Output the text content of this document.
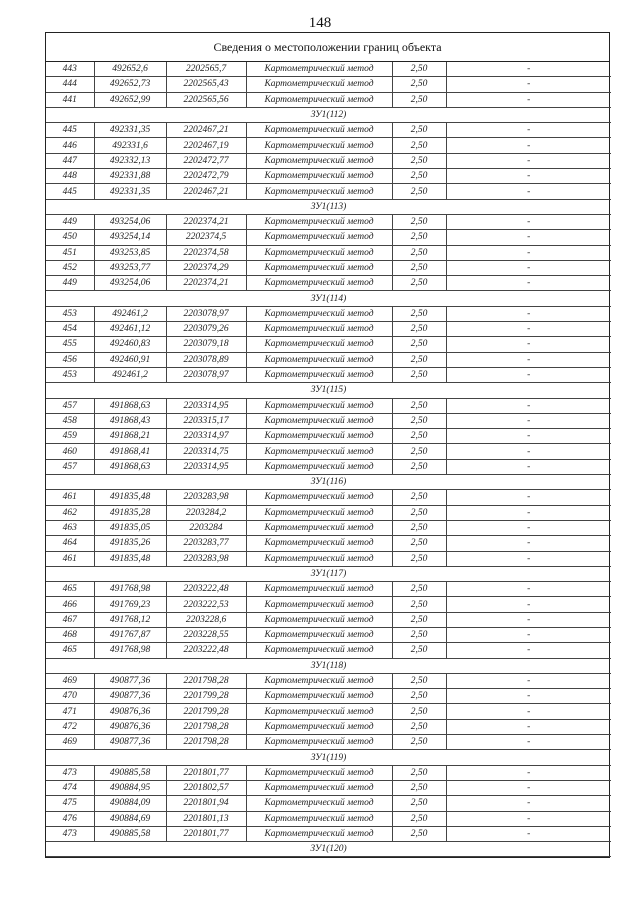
148
Сведения о местоположении границ объекта
443	492652,6	2202565,7	Картометрический метод	2,50	-
444	492652,73	2202565,43	Картометрический метод	2,50	-
441	492652,99	2202565,56	Картометрический метод	2,50	-
ЗУ1(112)					
445	492331,35	2202467,21	Картометрический метод	2,50	-
446	492331,6	2202467,19	Картометрический метод	2,50	-
447	492332,13	2202472,77	Картометрический метод	2,50	-
448	492331,88	2202472,79	Картометрический метод	2,50	-
445	492331,35	2202467,21	Картометрический метод	2,50	-
ЗУ1(113)					
449	493254,06	2202374,21	Картометрический метод	2,50	-
450	493254,14	2202374,5	Картометрический метод	2,50	-
451	493253,85	2202374,58	Картометрический метод	2,50	-
452	493253,77	2202374,29	Картометрический метод	2,50	-
449	493254,06	2202374,21	Картометрический метод	2,50	-
ЗУ1(114)					
453	492461,2	2203078,97	Картометрический метод	2,50	-
454	492461,12	2203079,26	Картометрический метод	2,50	-
455	492460,83	2203079,18	Картометрический метод	2,50	-
456	492460,91	2203078,89	Картометрический метод	2,50	-
453	492461,2	2203078,97	Картометрический метод	2,50	-
ЗУ1(115)					
457	491868,63	2203314,95	Картометрический метод	2,50	-
458	491868,43	2203315,17	Картометрический метод	2,50	-
459	491868,21	2203314,97	Картометрический метод	2,50	-
460	491868,41	2203314,75	Картометрический метод	2,50	-
457	491868,63	2203314,95	Картометрический метод	2,50	-
ЗУ1(116)					
461	491835,48	2203283,98	Картометрический метод	2,50	-
462	491835,28	2203284,2	Картометрический метод	2,50	-
463	491835,05	2203284	Картометрический метод	2,50	-
464	491835,26	2203283,77	Картометрический метод	2,50	-
461	491835,48	2203283,98	Картометрический метод	2,50	-
ЗУ1(117)					
465	491768,98	2203222,48	Картометрический метод	2,50	-
466	491769,23	2203222,53	Картометрический метод	2,50	-
467	491768,12	2203228,6	Картометрический метод	2,50	-
468	491767,87	2203228,55	Картометрический метод	2,50	-
465	491768,98	2203222,48	Картометрический метод	2,50	-
ЗУ1(118)					
469	490877,36	2201798,28	Картометрический метод	2,50	-
470	490877,36	2201799,28	Картометрический метод	2,50	-
471	490876,36	2201799,28	Картометрический метод	2,50	-
472	490876,36	2201798,28	Картометрический метод	2,50	-
469	490877,36	2201798,28	Картометрический метод	2,50	-
ЗУ1(119)					
473	490885,58	2201801,77	Картометрический метод	2,50	-
474	490884,95	2201802,57	Картометрический метод	2,50	-
475	490884,09	2201801,94	Картометрический метод	2,50	-
476	490884,69	2201801,13	Картометрический метод	2,50	-
473	490885,58	2201801,77	Картометрический метод	2,50	-
ЗУ1(120)					
